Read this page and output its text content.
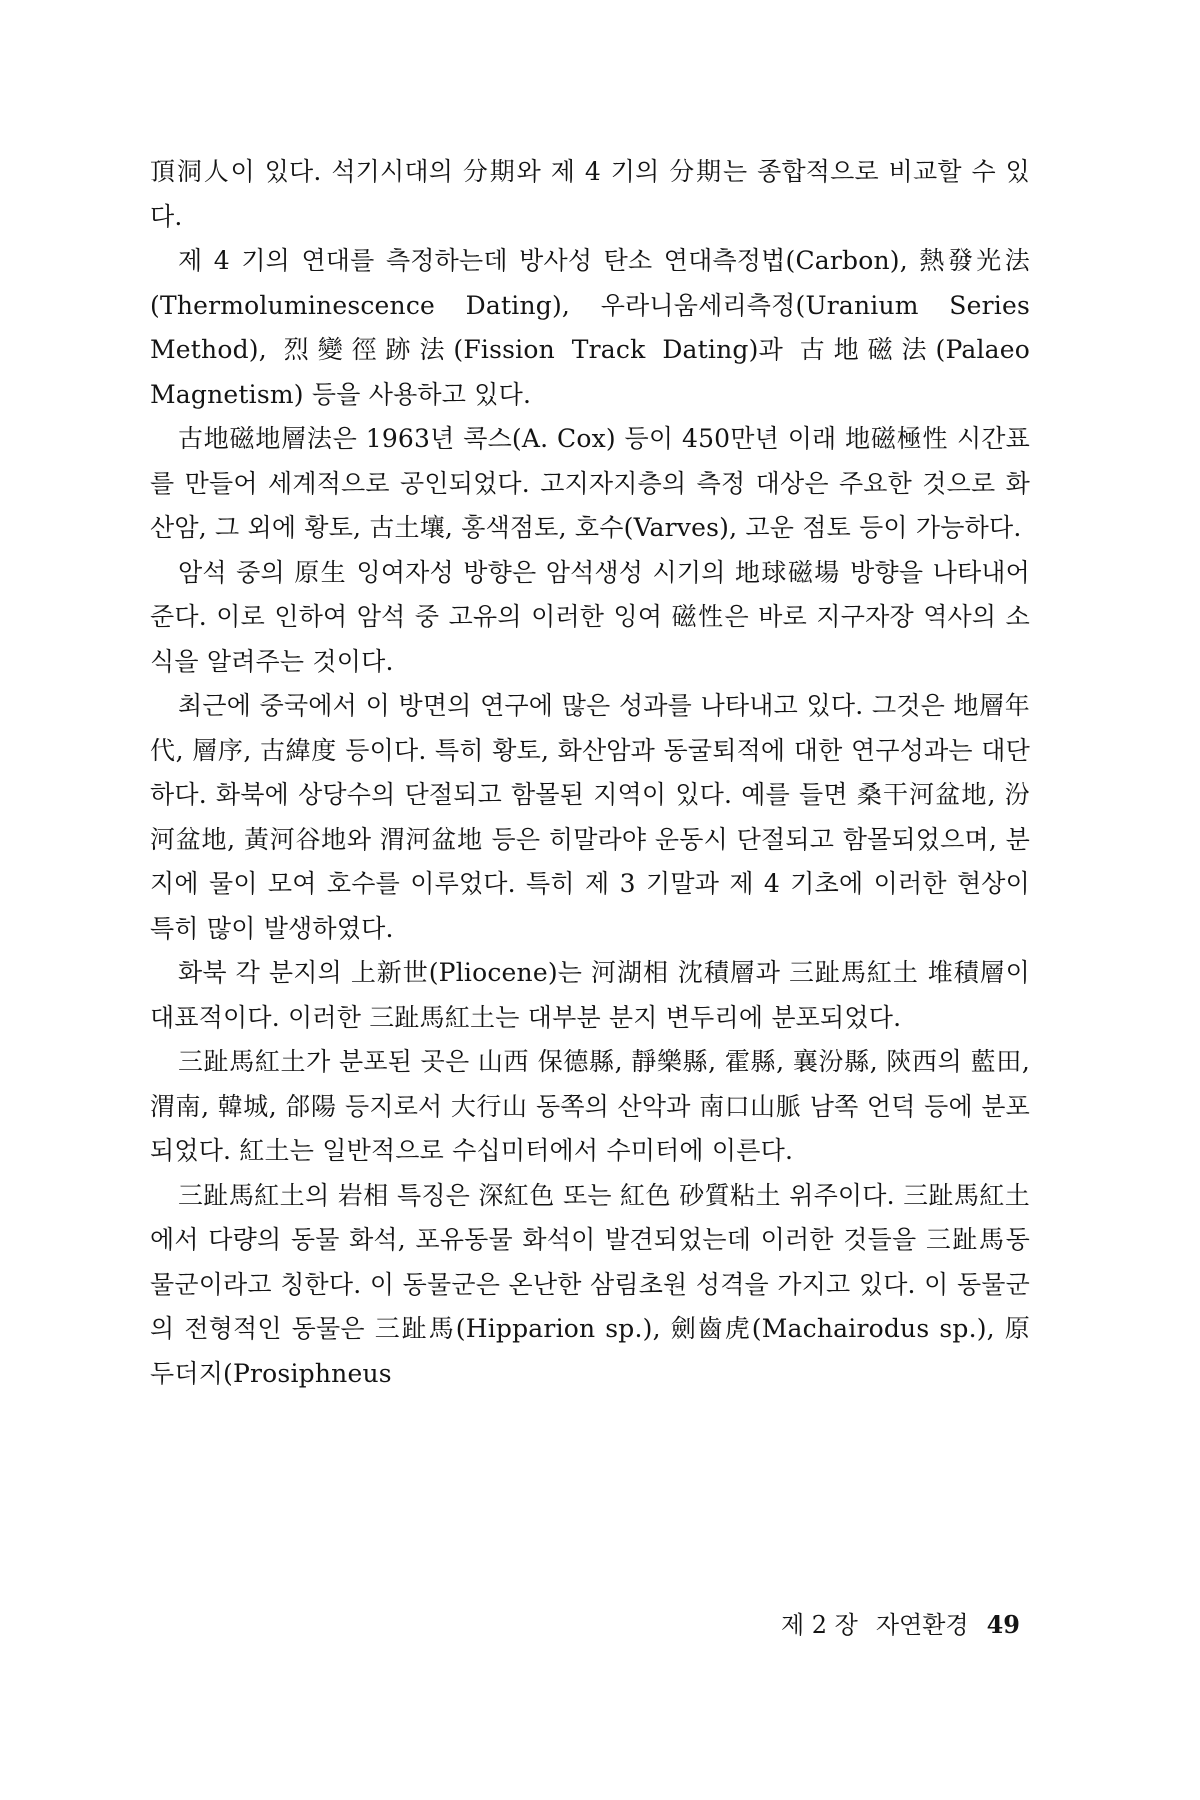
頂洞人이 있다. 석기시대의 分期와 제 4 기의 分期는 종합적으로 비교할 수 있다.

제 4 기의 연대를 측정하는데 방사성 탄소 연대측정법(Carbon), 熱發光法(Thermoluminescence Dating), 우라니움세리측정(Uranium Series Method), 烈變徑跡法(Fission Track Dating)과 古地磁法(Palaeo Magnetism) 등을 사용하고 있다.

古地磁地層法은 1963년 콕스(A. Cox) 등이 450만년 이래 地磁極性 시간표를 만들어 세계적으로 공인되었다. 고지자지층의 측정 대상은 주요한 것으로 화산암, 그 외에 황토, 古土壤, 홍색점토, 호수(Varves), 고운 점토 등이 가능하다.

암석 중의 原生 잉여자성 방향은 암석생성 시기의 地球磁場 방향을 나타내어 준다. 이로 인하여 암석 중 고유의 이러한 잉여 磁性은 바로 지구자장 역사의 소식을 알려주는 것이다.

최근에 중국에서 이 방면의 연구에 많은 성과를 나타내고 있다. 그것은 地層年代, 層序, 古緯度 등이다. 특히 황토, 화산암과 동굴퇴적에 대한 연구성과는 대단하다. 화북에 상당수의 단절되고 함몰된 지역이 있다. 예를 들면 桑干河盆地, 汾河盆地, 黃河谷地와 渭河盆地 등은 히말라야 운동시 단절되고 함몰되었으며, 분지에 물이 모여 호수를 이루었다. 특히 제 3 기말과 제 4 기초에 이러한 현상이 특히 많이 발생하였다.

화북 각 분지의 上新世(Pliocene)는 河湖相 沈積層과 三趾馬紅土 堆積層이 대표적이다. 이러한 三趾馬紅土는 대부분 분지 변두리에 분포되었다.

三趾馬紅土가 분포된 곳은 山西 保德縣, 靜樂縣, 霍縣, 襄汾縣, 陝西의 藍田, 渭南, 韓城, 郃陽 등지로서 大行山 동쪽의 산악과 南口山脈 남쪽 언덕 등에 분포되었다. 紅土는 일반적으로 수십미터에서 수미터에 이른다.

三趾馬紅土의 岩相 특징은 深紅色 또는 紅色 砂質粘土 위주이다. 三趾馬紅土에서 다량의 동물 화석, 포유동물 화석이 발견되었는데 이러한 것들을 三趾馬동물군이라고 칭한다. 이 동물군은 온난한 삼림초원 성격을 가지고 있다. 이 동물군의 전형적인 동물은 三趾馬(Hipparion sp.), 劍齒虎(Machairodus sp.), 原두더지(Prosiphneus

제 2 장 자연환경 49
